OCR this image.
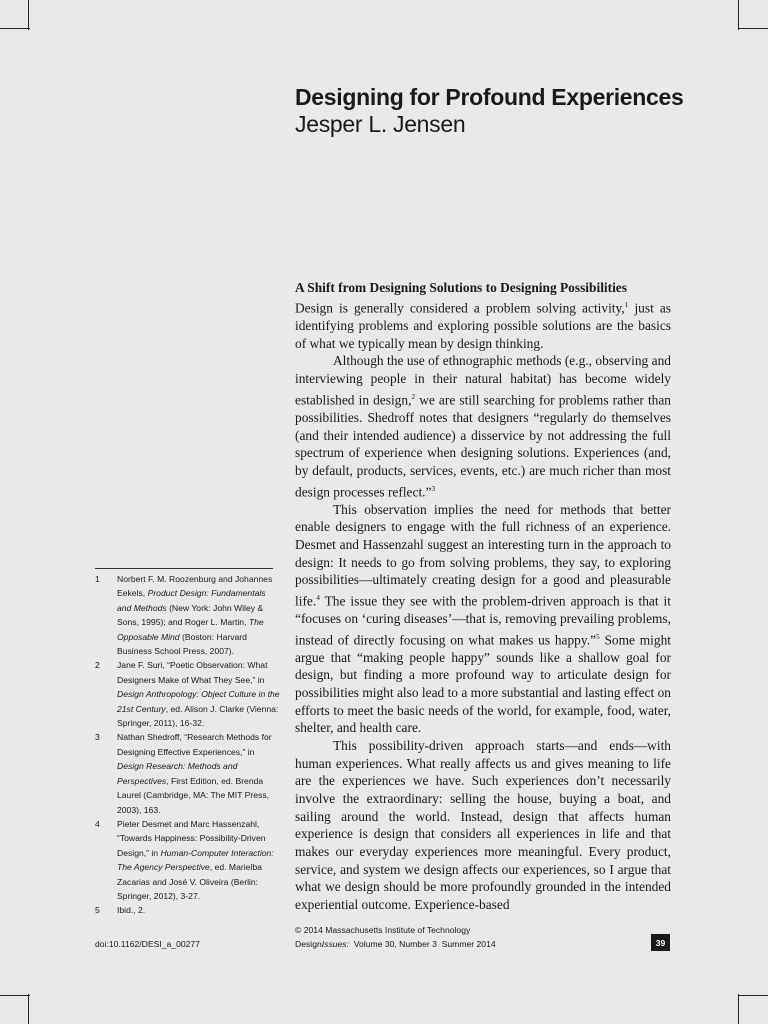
Designing for Profound Experiences
Jesper L. Jensen
A Shift from Designing Solutions to Designing Possibilities

Design is generally considered a problem solving activity,$^1$ just as identifying problems and exploring possible solutions are the basics of what we typically mean by design thinking.

Although the use of ethnographic methods (e.g., observing and interviewing people in their natural habitat) has become widely established in design,$^2$ we are still searching for problems rather than possibilities. Shedroff notes that designers “regularly do themselves (and their intended audience) a disservice by not addressing the full spectrum of experience when designing solutions. Experiences (and, by default, products, services, events, etc.) are much richer than most design processes reflect.”$^3$

This observation implies the need for methods that better enable designers to engage with the full richness of an experience. Desmet and Hassenzahl suggest an interesting turn in the approach to design: It needs to go from solving problems, they say, to exploring possibilities—ultimately creating design for a good and pleasurable life.$^4$ The issue they see with the problem-driven approach is that it “focuses on ‘curing diseases’—that is, removing prevailing problems, instead of directly focusing on what makes us happy.”$^5$ Some might argue that “making people happy” sounds like a shallow goal for design, but finding a more profound way to articulate design for possibilities might also lead to a more substantial and lasting effect on efforts to meet the basic needs of the world, for example, food, water, shelter, and health care.

This possibility-driven approach starts—and ends—with human experiences. What really affects us and gives meaning to life are the experiences we have. Such experiences don’t necessarily involve the extraordinary: selling the house, buying a boat, and sailing around the world. Instead, design that affects human experience is design that considers all experiences in life and that makes our everyday experiences more meaningful. Every product, service, and system we design affects our experiences, so I argue that what we design should be more profoundly grounded in the intended experiential outcome. Experience-based

1	Norbert F. M. Roozenburg and Johannes Eekels, Product Design: Fundamentals and Methods (New York: John Wiley & Sons, 1995); and Roger L. Martin, The Opposable Mind (Boston: Harvard Business School Press, 2007).
2	Jane F. Suri, “Poetic Observation: What Designers Make of What They See,” in Design Anthropology: Object Culture in the 21st Century, ed. Alison J. Clarke (Vienna: Springer, 2011), 16-32.
3	Nathan Shedroff, “Research Methods for Designing Effective Experiences,” in Design Research: Methods and Perspectives, First Edition, ed. Brenda Laurel (Cambridge, MA: The MIT Press, 2003), 163.
4	Pieter Desmet and Marc Hassenzahl, “Towards Happiness: Possibility-Driven Design,” in Human-Computer Interaction: The Agency Perspective, ed. Marielba Zacarias and José V. Oliveira (Berlin: Springer, 2012), 3-27.
5	Ibid., 2.
doi:10.1162/DESI_a_00277
© 2014 Massachusetts Institute of Technology
DesignIssues:  Volume 30, Number 3  Summer 2014	39
